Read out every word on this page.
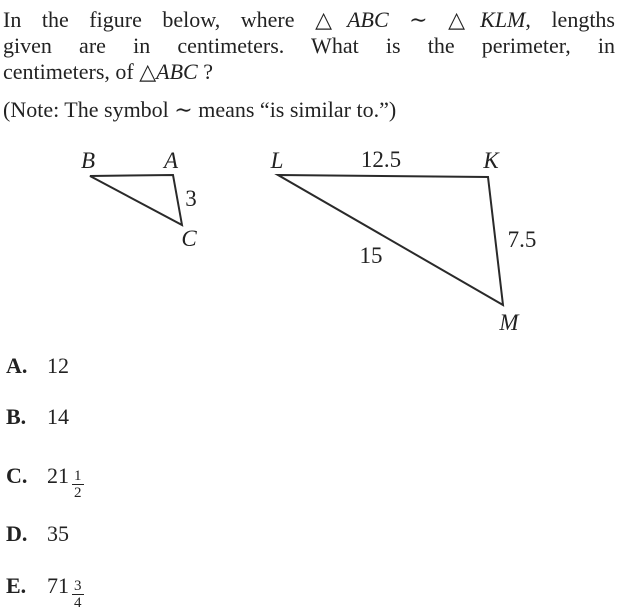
In the figure below, where △ABC ∼ △KLM, lengths
given are in centimeters. What is the perimeter, in
centimeters, of △ABC ?
(Note: The symbol ∼ means “is similar to.”)
B	A
3
C
L	12.5	K
7.5
15
M
A. 12
B. 14
C. $21 \frac{1}{2}$
D. 35
E. $71 \frac{3}{4}$
